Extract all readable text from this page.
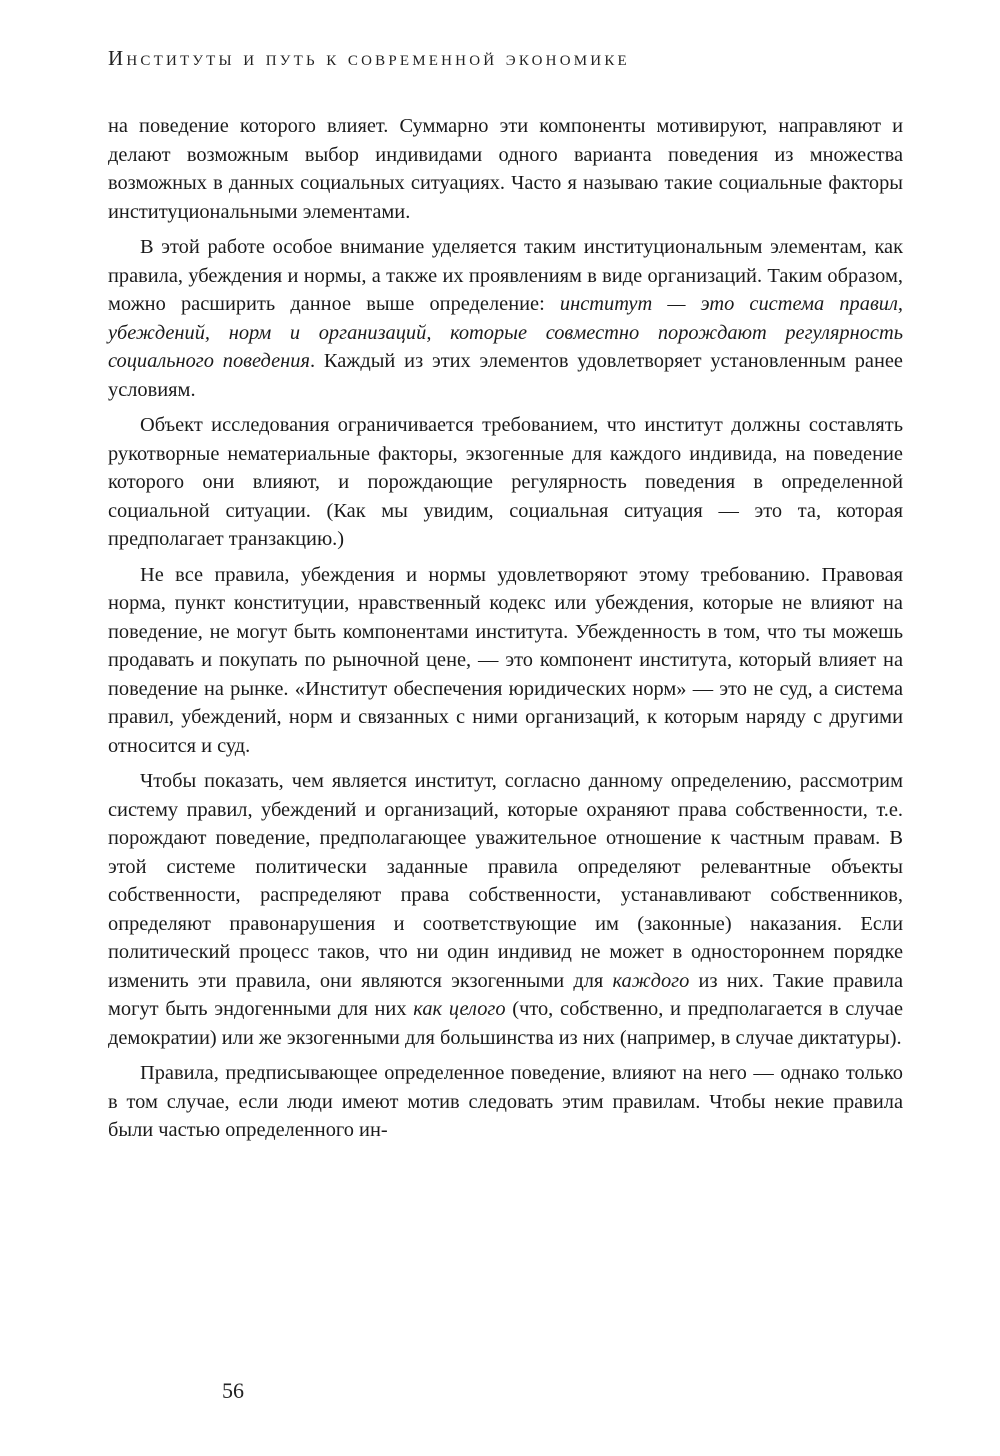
Институты и путь к современной экономике

на поведение которого влияет. Суммарно эти компоненты мотивируют, направляют и делают возможным выбор индивидами одного варианта поведения из множества возможных в данных социальных ситуациях. Часто я называю такие социальные факторы институциональными элементами.

В этой работе особое внимание уделяется таким институциональным элементам, как правила, убеждения и нормы, а также их проявлениям в виде организаций. Таким образом, можно расширить данное выше определение: институт — это система правил, убеждений, норм и организаций, которые совместно порождают регулярность социального поведения. Каждый из этих элементов удовлетворяет установленным ранее условиям.

Объект исследования ограничивается требованием, что институт должны составлять рукотворные нематериальные факторы, экзогенные для каждого индивида, на поведение которого они влияют, и порождающие регулярность поведения в определенной социальной ситуации. (Как мы увидим, социальная ситуация — это та, которая предполагает транзакцию.)

Не все правила, убеждения и нормы удовлетворяют этому требованию. Правовая норма, пункт конституции, нравственный кодекс или убеждения, которые не влияют на поведение, не могут быть компонентами института. Убежденность в том, что ты можешь продавать и покупать по рыночной цене, — это компонент института, который влияет на поведение на рынке. «Институт обеспечения юридических норм» — это не суд, а система правил, убеждений, норм и связанных с ними организаций, к которым наряду с другими относится и суд.

Чтобы показать, чем является институт, согласно данному определению, рассмотрим систему правил, убеждений и организаций, которые охраняют права собственности, т.е. порождают поведение, предполагающее уважительное отношение к частным правам. В этой системе политически заданные правила определяют релевантные объекты собственности, распределяют права собственности, устанавливают собственников, определяют правонарушения и соответствующие им (законные) наказания. Если политический процесс таков, что ни один индивид не может в одностороннем порядке изменить эти правила, они являются экзогенными для каждого из них. Такие правила могут быть эндогенными для них как целого (что, собственно, и предполагается в случае демократии) или же экзогенными для большинства из них (например, в случае диктатуры).

Правила, предписывающее определенное поведение, влияют на него — однако только в том случае, если люди имеют мотив следовать этим правилам. Чтобы некие правила были частью определенного ин-

56
